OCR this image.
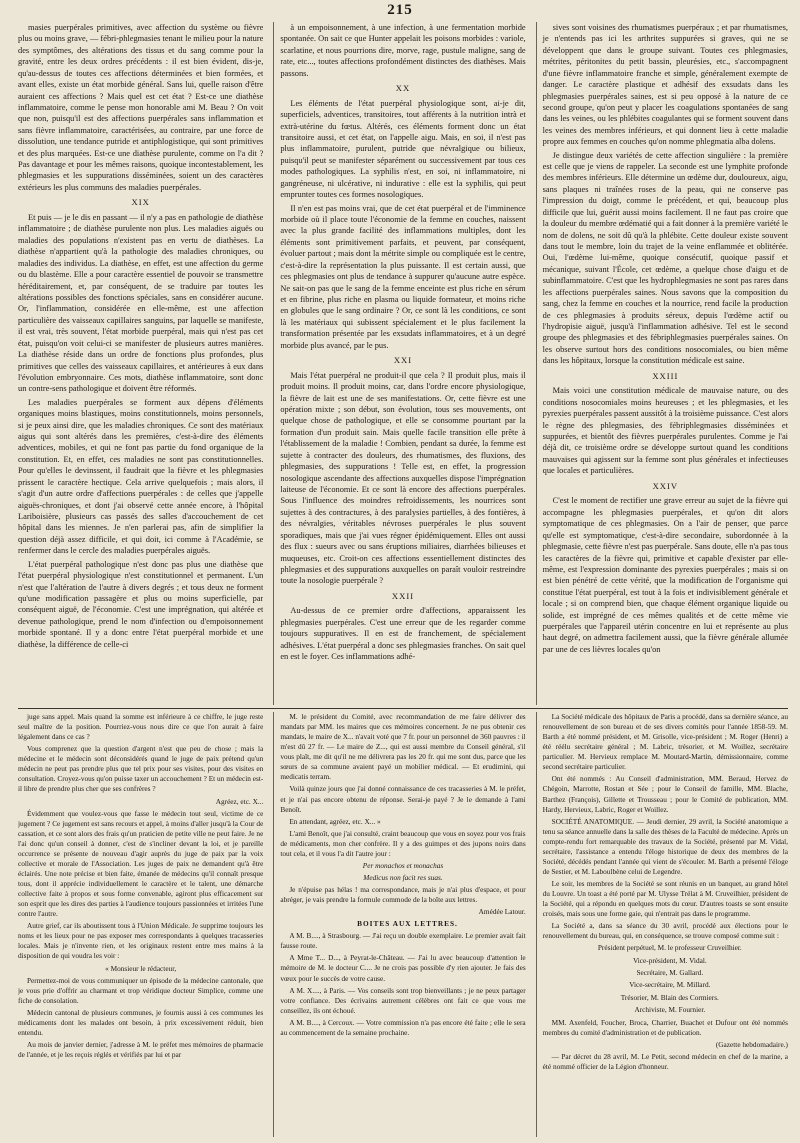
215

masies puerpérales primitives, avec affection du système ou fièvre plus ou moins grave, — fébri-phlegmasies tenant le milieu pour la nature des symptômes, des altérations des tissus et du sang comme pour la gravité, entre les deux ordres précédents : il est bien évident, dis-je, qu'au-dessus de toutes ces affections déterminées et bien formées, et avant elles, existe un état morbide général. Sans lui, quelle raison d'être auraient ces affections ? Mais quel est cet état ? Est-ce une diathèse inflammatoire, comme le pense mon honorable ami M. Beau ? On voit que non, puisqu'il est des affections puerpérales sans inflammation et sans fièvre inflammatoire, caractérisées, au contraire, par une force de dissolution, une tendance putride et antiphlogistique, qui sont primitives et des plus marquées. Est-ce une diathèse purulente, comme on l'a dit ? Pas davantage et pour les mêmes raisons, quoique incontestablement, les phlegmasies et les suppurations disséminées, soient un des caractères extérieurs les plus communs des maladies puerpérales.

XIX

Et puis — je le dis en passant — il n'y a pas en pathologie de diathèse inflammatoire ; de diathèse purulente non plus. Les maladies aiguës ou maladies des populations n'existent pas en vertu de diathèses. La diathèse n'appartient qu'à la pathologie des maladies chroniques, ou maladies des individus. La diathèse, en effet, est une affection du germe ou du blastème. Elle a pour caractère essentiel de pouvoir se transmettre héréditairement, et, par conséquent, de se traduire par toutes les altérations possibles des fonctions spéciales, sans en considérer aucune. Or, l'inflammation, considérée en elle-même, est une affection particulière des vaisseaux capillaires sanguins, par laquelle se manifeste, il est vrai, très souvent, l'état morbide puerpéral, mais qui n'est pas cet état, puisqu'on voit celui-ci se manifester de plusieurs autres manières. La diathèse réside dans un ordre de fonctions plus profondes, plus primitives que celles des vaisseaux capillaires, et antérieures à eux dans l'évolution embryonnaire. Ces mots, diathèse inflammatoire, sont donc un contre-sens pathologique et doivent être réformés.

Les maladies puerpérales se forment aux dépens d'éléments organiques moins blastiques, moins constitutionnels, moins personnels, si je peux ainsi dire, que les maladies chroniques. Ce sont des matériaux aigus qui sont altérés dans les premières, c'est-à-dire des éléments adventices, mobiles, et qui ne font pas partie du fond organique de la constitution. Et, en effet, ces maladies ne sont pas constitutionnelles. Pour qu'elles le devinssent, il faudrait que la fièvre et les phlegmasies prissent le caractère hectique. Cela arrive quelquefois ; mais alors, il s'agit d'un autre ordre d'affections puerpérales : de celles que j'appelle aiguës-chroniques, et dont j'ai observé cette année encore, à l'hôpital Lariboisière, plusieurs cas passés des salles d'accouchement de cet hôpital dans les miennes. Je n'en parlerai pas, afin de simplifier la question déjà assez difficile, et qui doit, ici comme à l'Académie, se renfermer dans le cercle des maladies puerpérales aiguës.

L'état puerpéral pathologique n'est donc pas plus une diathèse que l'état puerpéral physiologique n'est constitutionnel et permanent. L'un n'est que l'altération de l'autre à divers degrés ; et tous deux ne forment qu'une modification passagère et plus ou moins superficielle, par conséquent aiguë, de l'économie. C'est une imprégnation, qui altérée et devenue pathologique, prend le nom d'infection ou d'empoisonnement morbide spontané. Il y a donc entre l'état puerpéral morbide et une diathèse, la différence de celle-ci

à un empoisonnement, à une infection, à une fermentation morbide spontanée. On sait ce que Hunter appelait les poisons morbides : variole, scarlatine, et nous pourrions dire, morve, rage, pustule maligne, sang de rate, etc..., toutes affections profondément distinctes des diathèses. Mais passons.

XX

Les éléments de l'état puerpéral physiologique sont, ai-je dit, superficiels, adventices, transitoires, tout afférents à la nutrition intrà et extrà-utérine du fœtus. Altérés, ces éléments forment donc un état transitoire aussi, et cet état, on l'appelle aigu. Mais, en soi, il n'est pas plus inflammatoire, purulent, putride que névralgique ou bilieux, puisqu'il peut se manifester séparément ou successivement par tous ces modes pathologiques. La syphilis n'est, en soi, ni inflammatoire, ni gangréneuse, ni ulcérative, ni indurative : elle est la syphilis, qui peut emprunter toutes ces formes nosologiques.

Il n'en est pas moins vrai, que de cet état puerpéral et de l'imminence morbide où il place toute l'économie de la femme en couches, naissent avec la plus grande facilité des inflammations multiples, dont les éléments sont primitivement parfaits, et peuvent, par conséquent, évoluer partout ; mais dont la métrite simple ou compliquée est le centre, c'est-à-dire la représentation la plus puissante. Il est certain aussi, que ces phlegmasies ont plus de tendance à suppurer qu'aucune autre espèce. Ne sait-on pas que le sang de la femme enceinte est plus riche en sérum et en fibrine, plus riche en plasma ou liquide formateur, et moins riche en globules que le sang ordinaire ? Or, ce sont là les conditions, ce sont là les matériaux qui subissent spécialement et le plus facilement la transformation présentée par les exsudats inflammatoires, et à un degré morbide plus avancé, par le pus.

XXI

Mais l'état puerpéral ne produit-il que cela ? Il produit plus, mais il produit moins. Il produit moins, car, dans l'ordre encore physiologique, la fièvre de lait est une de ses manifestations. Or, cette fièvre est une opération mixte ; son début, son évolution, tous ses mouvements, ont quelque chose de pathologique, et elle se consomme pourtant par la formation d'un produit sain. Mais quelle facile transition elle prête à l'établissement de la maladie ! Combien, pendant sa durée, la femme est sujette à contracter des douleurs, des rhumatismes, des fluxions, des phlegmasies, des suppurations ! Telle est, en effet, la progression nosologique ascendante des affections auxquelles dispose l'imprégnation laiteuse de l'économie. Et ce sont là encore des affections puerpérales. Sous l'influence des moindres refroidissements, les nourrices sont sujettes à des contractures, à des paralysies partielles, à des fontières, à des névralgies, véritables névroses puerpérales le plus souvent sporadiques, mais que j'ai vues régner épidémiquement. Elles ont aussi des flux : sueurs avec ou sans éruptions miliaires, diarrhées bilieuses et muqueuses, etc. Croit-on ces affections essentiellement distinctes des phlegmasies et des suppurations auxquelles on paraît vouloir restreindre toute la nosologie puerpérale ?

XXII

Au-dessus de ce premier ordre d'affections, apparaissent les phlegmasies puerpérales. C'est une erreur que de les regarder comme toujours suppuratives. Il en est de franchement, de spécialement adhésives. L'état puerpéral a donc ses phlegmasies franches. On sait quel en est le foyer. Ces inflammations adhé-

sives sont voisines des rhumatismes puerpéraux ; et par rhumatismes, je n'entends pas ici les arthrites suppurées si graves, qui ne se développent que dans le groupe suivant. Toutes ces phlegmasies, métrites, péritonites du petit bassin, pleurésies, etc., s'accompagnent d'une fièvre inflammatoire franche et simple, généralement exempte de danger. Le caractère plastique et adhésif des exsudats dans les phlegmasies puerpérales saines, est si peu opposé à la nature de ce second groupe, qu'on peut y placer les coagulations spontanées de sang dans les veines, ou les phlébites coagulantes qui se forment souvent dans les veines des membres inférieurs, et qui donnent lieu à cette maladie propre aux femmes en couches qu'on nomme phlegmatia alba dolens.

Je distingue deux variétés de cette affection singulière : la première est celle que je viens de rappeler. La seconde est une lymphite profonde des membres inférieurs. Elle détermine un œdème dur, douloureux, aigu, sans plaques ni traînées roses de la peau, qui ne conserve pas l'impression du doigt, comme le précédent, et qui, beaucoup plus difficile que lui, guérit aussi moins facilement. Il ne faut pas croire que la douleur du membre œdématié qui a fait donner à la première variété le nom de dolens, ne soit dû qu'à la phlébite. Cette douleur existe souvent dans tout le membre, loin du trajet de la veine enflammée et oblitérée. Oui, l'œdème lui-même, quoique consécutif, quoique passif et mécanique, suivant l'École, cet œdème, a quelque chose d'aigu et de subinflammatoire. C'est que les hydrophlegmasies ne sont pas rares dans les affections puerpérales saines. Nous savons que la composition du sang, chez la femme en couches et la nourrice, rend facile la production de ces phlegmasies à produits séreux, depuis l'œdème actif ou l'hydropisie aiguë, jusqu'à l'inflammation adhésive. Tel est le second groupe des phlegmasies et des fébriphlegmasies puerpérales saines. On les observe surtout hors des conditions nosocomiales, ou bien même dans les hôpitaux, lorsque la constitution médicale est saine.

XXIII

Mais voici une constitution médicale de mauvaise nature, ou des conditions nosocomiales moins heureuses ; et les phlegmasies, et les pyrexies puerpérales passent aussitôt à la troisième puissance. C'est alors le règne des phlegmasies, des fébriphlegmasies disséminées et suppurées, et bientôt des fièvres puerpérales purulentes. Comme je l'ai déjà dit, ce troisième ordre se développe surtout quand les conditions mauvaises qui agissent sur la femme sont plus générales et infectieuses que locales et particulières.

XXIV

C'est le moment de rectifier une grave erreur au sujet de la fièvre qui accompagne les phlegmasies puerpérales, et qu'on dit alors symptomatique de ces phlegmasies. On a l'air de penser, que parce qu'elle est symptomatique, c'est-à-dire secondaire, subordonnée à la phlegmasie, cette fièvre n'est pas puerpérale. Sans doute, elle n'a pas tous les caractères de la fièvre qui, primitive et capable d'exister par elle-même, est l'expression dominante des pyrexies puerpérales ; mais si on est bien pénétré de cette vérité, que la modification de l'organisme qui constitue l'état puerpéral, est tout à la fois et indivisiblement générale et locale ; si on comprend bien, que chaque élément organique liquide ou solide, est imprégné de ces mêmes qualités et de cette même vie puerpérales que l'appareil utérin concentre en lui et représente au plus haut degré, on admettra facilement aussi, que la fièvre générale allumée par une de ces lièvres locales qu'on

juge sans appel. Mais quand la somme est inférieure à ce chiffre, le juge reste seul maître de la position. Pourriez-vous nous dire ce que l'on aurait à faire légalement dans ce cas ?

Vous comprenez que la question d'argent n'est que peu de chose ; mais la médecine et le médecin sont déconsidérés quand le juge de paix prétend qu'un médecin ne peut pas prendre plus que tel prix pour ses visites, pour des visites en consultation. Croyez-vous qu'on puisse taxer un accouchement ? Et un médecin est-il libre de prendre plus cher que ses confrères ?

Agréez, etc. X...

Évidemment que voulez-vous que fasse le médecin tout seul, victime de ce jugement ? Ce jugement est sans recours et appel, à moins d'aller jusqu'à la Cour de cassation, et ce sont alors des frais qu'un praticien de petite ville ne peut faire. Je ne l'ai donc qu'un conseil à donner, c'est de s'incliner devant la loi, et je pareille occurrence se présente de nouveau d'agir auprès du juge de paix par la voix collective et morale de l'Association. Les juges de paix ne demandent qu'à être éclairés. Une note précise et bien faite, émanée de médecins qu'il connaît presque tous, dont il apprécie individuellement le caractère et le talent, une démarche collective faite à propos et sous forme convenable, agiront plus efficacement sur son esprit que les dires des parties à l'audience toujours passionnées et irritées l'une contre l'autre.

Autre grief, car ils aboutissent tous à l'Union Médicale. Je supprime toujours les noms et les lieux pour ne pas exposer mes correspondants à quelques tracasseries locales. Mais je n'invente rien, et les originaux restent entre mes mains à la disposition de qui voudra les voir :

« Monsieur le rédacteur,

Permettez-moi de vous communiquer un épisode de la médecine cantonale, que je vous prie d'offrir au charmant et trop véridique docteur Simplice, comme une fiche de consolation.

Médecin cantonal de plusieurs communes, je fournis aussi à ces communes les médicaments dont les malades ont besoin, à prix excessivement réduit, bien entendu.

Au mois de janvier dernier, j'adresse à M. le préfet mes mémoires de pharmacie de l'année, et je les reçois réglés et vérifiés par lui et par

M. le président du Comité, avec recommandation de me faire délivrer des mandats par MM. les maires que ces mémoires concernent. Je ne pus obtenir ces mandats, le maire de X... n'avait voté que 7 fr. pour un personnel de 360 pauvres : il m'est dû 27 fr. — Le maire de Z..., qui est aussi membre du Conseil général, s'il vous plaît, me dit qu'il ne me délivrera pas les 20 fr. qui me sont dus, parce que les sœurs de sa commune avaient payé un mobilier médical. — Et erudimini, qui medicatis terram.

Voilà quinze jours que j'ai donné connaissance de ces tracasseries à M. le préfet, et je n'ai pas encore obtenu de réponse. Serai-je payé ? Je le demande à l'ami Benoît.

En attendant, agréez, etc. X... »

L'ami Benoît, que j'ai consulté, craint beaucoup que vous en soyez pour vos frais de médicaments, mon cher confrère. Il y a des guimpes et des jupons noirs dans tout cela, et il vous l'a dit l'autre jour :

Per monachos et monachas

Medicus non facit res suas.

Je n'épuise pas hélas ! ma correspondance, mais je n'ai plus d'espace, et pour abréger, je vais prendre la formule commode de la boîte aux lettres.

Amédée Latour.

BOITES AUX LETTRES.

A M. B...., à Strasbourg. — J'ai reçu un double exemplaire. Le premier avait fait fausse route.

A Mme T... D..., à Peyrat-le-Château. — J'ai lu avec beaucoup d'attention le mémoire de M. le docteur C.... Je ne crois pas possible d'y rien ajouter. Je fais des vœux pour le succès de votre cause.

A M. X...., à Paris. — Vos conseils sont trop bienveillants ; je ne peux partager votre confiance. Des écrivains autrement célèbres ont fait ce que vous me conseillez, ils ont échoué.

A M. B...., à Cercoux. — Votre commission n'a pas encore été faite ; elle le sera au commencement de la semaine prochaine.

La Société médicale des hôpitaux de Paris a procédé, dans sa dernière séance, au renouvellement de son bureau et de ses divers comités pour l'année 1858-59. M. Barth a été nommé président, et M. Grisolle, vice-président ; M. Roger (Henri) a été réélu secrétaire général ; M. Labric, trésorier, et M. Woillez, secrétaire particulier. M. Hervieux remplace M. Moutard-Martin, démissionnaire, comme second secrétaire particulier.

Ont été nommés : Au Conseil d'administration, MM. Beraud, Hervez de Chégoin, Marrotte, Rostan et Sée ; pour le Conseil de famille, MM. Blache, Barthez (François), Gillette et Trousseau ; pour le Comité de publication, MM. Hardy, Hervieux, Labric, Roger et Woillez.

SOCIÉTÉ ANATOMIQUE. — Jeudi dernier, 29 avril, la Société anatomique a tenu sa séance annuelle dans la salle des thèses de la Faculté de médecine. Après un compte-rendu fort remarquable des travaux de la Société, présenté par M. Vidal, secrétaire, l'assistance a entendu l'éloge historique de deux des membres de la Société, décédés pendant l'année qui vient de s'écouler. M. Barth a présenté l'éloge de Sestier, et M. Laboulbène celui de Legendre.

Le soir, les membres de la Société se sont réunis en un banquet, au grand hôtel du Louvre. Un toast a été porté par M. Ulysse Trélat à M. Cruveilhier, président de la Société, qui a répondu en quelques mots du cœur. D'autres toasts se sont ensuite croisés, mais sous une forme gaie, qui n'entrait pas dans le programme.

La Société a, dans sa séance du 30 avril, procédé aux élections pour le renouvellement du bureau, qui, en conséquence, se trouve composé comme suit :

Président perpétuel, M. le professeur Cruveilhier.

Vice-président, M. Vidal.

Secrétaire, M. Gallard.

Vice-secrétaire, M. Millard.

Trésorier, M. Blain des Cormiers.

Archiviste, M. Fournier.

MM. Axenfeld, Foucher, Broca, Charrier, Buachet et Dufour ont été nommés membres du comité d'administration et de publication.

(Gazette hebdomadaire.)

— Par décret du 28 avril, M. Le Petit, second médecin en chef de la marine, a été nommé officier de la Légion d'honneur.
